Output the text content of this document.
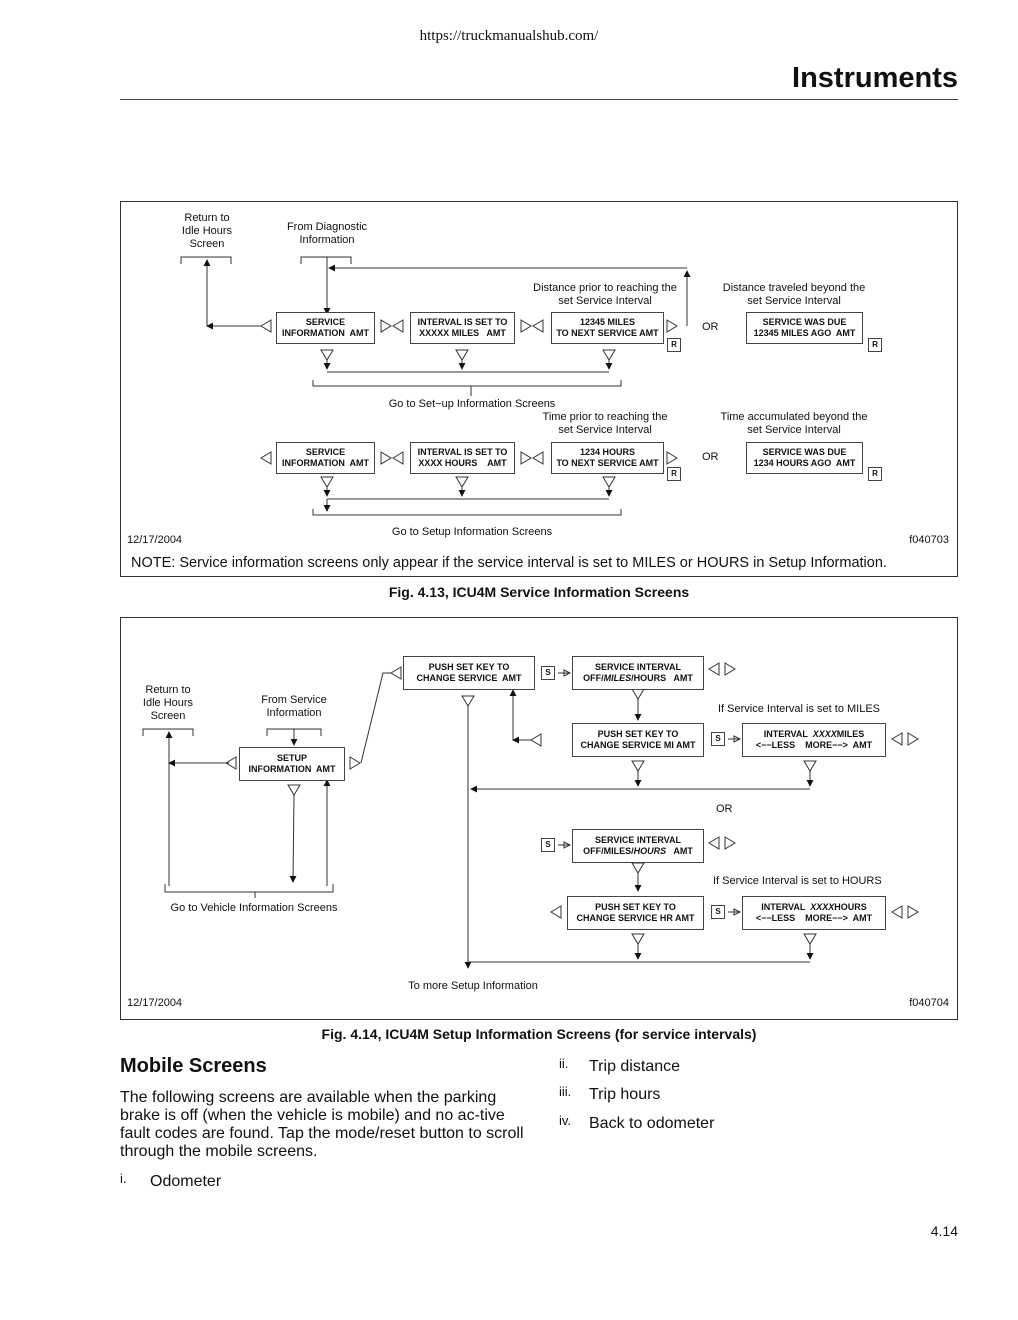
https://truckmanualshub.com/
Instruments
Return to
Idle Hours
Screen
From Diagnostic
Information
Distance prior to reaching the
set Service Interval
Distance traveled beyond the
set Service Interval
SERVICE
INFORMATION  AMT
INTERVAL IS SET TO
XXXXX MILES   AMT
12345 MILES
TO NEXT SERVICE AMT
R
OR	SERVICE WAS DUE
12345 MILES AGO  AMT
R
Go to Set−up Information Screens
Time prior to reaching the
set Service Interval
Time accumulated beyond the
set Service Interval
SERVICE
INFORMATION  AMT
INTERVAL IS SET TO
XXXX HOURS    AMT
1234 HOURS
TO NEXT SERVICE AMT
R
OR	SERVICE WAS DUE
1234 HOURS AGO  AMT
R
Go to Setup Information Screens
12/17/2004	f040703
NOTE: Service information screens only appear if the service interval is set to MILES or HOURS in Setup Information.
Fig. 4.13, ICU4M Service Information Screens
Return to
Idle Hours
Screen
From Service
Information
SETUP
INFORMATION  AMT
Go to Vehicle Information Screens
PUSH SET KEY TO
CHANGE SERVICE  AMT
S
SERVICE INTERVAL
OFF/MILES/HOURS   AMT
If Service Interval is set to MILES
PUSH SET KEY TO
CHANGE SERVICE MI AMT
S	INTERVAL  XXXXMILES
<−−LESS    MORE−−>  AMT
OR
S	SERVICE INTERVAL
OFF/MILES/HOURS   AMT
If Service Interval is set to HOURS
PUSH SET KEY TO
CHANGE SERVICE HR AMT
S	INTERVAL  XXXXHOURS
<−−LESS    MORE−−>  AMT
To more Setup Information
12/17/2004	f040704
Fig. 4.14, ICU4M Setup Information Screens (for service intervals)
Mobile Screens
The following screens are available when the parking brake is off (when the vehicle is mobile) and no ac-tive fault codes are found. Tap the mode/reset button to scroll through the mobile screens.
i. Odometer
ii. Trip distance
iii. Trip hours
iv. Back to odometer
4.14
